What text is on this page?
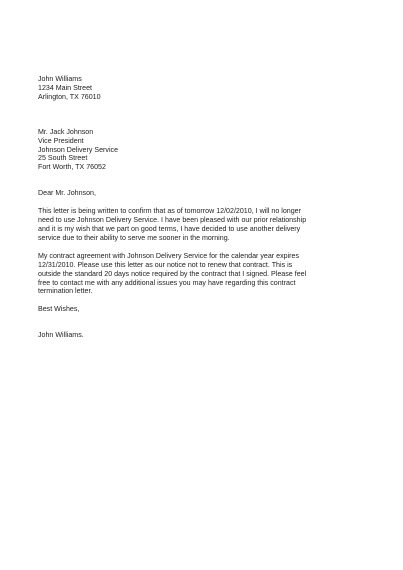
John Williams
1234 Main Street
Arlington, TX 76010
Mr. Jack Johnson
Vice President
Johnson Delivery Service
25 South Street
Fort Worth, TX 76052
Dear Mr. Johnson,
This letter is being written to confirm that as of tomorrow 12/02/2010, I will no longer
need to use Johnson Delivery Service. I have been pleased with our prior relationship
and it is my wish that we part on good terms, I have decided to use another delivery
service due to their ability to serve me sooner in the morning.
My contract agreement with Johnson Delivery Service for the calendar year expires
12/31/2010. Please use this letter as our notice not to renew that contract. This is
outside the standard 20 days notice required by the contract that I signed. Please feel
free to contact me with any additional issues you may have regarding this contract
termination letter.
Best Wishes,
John Williams.
